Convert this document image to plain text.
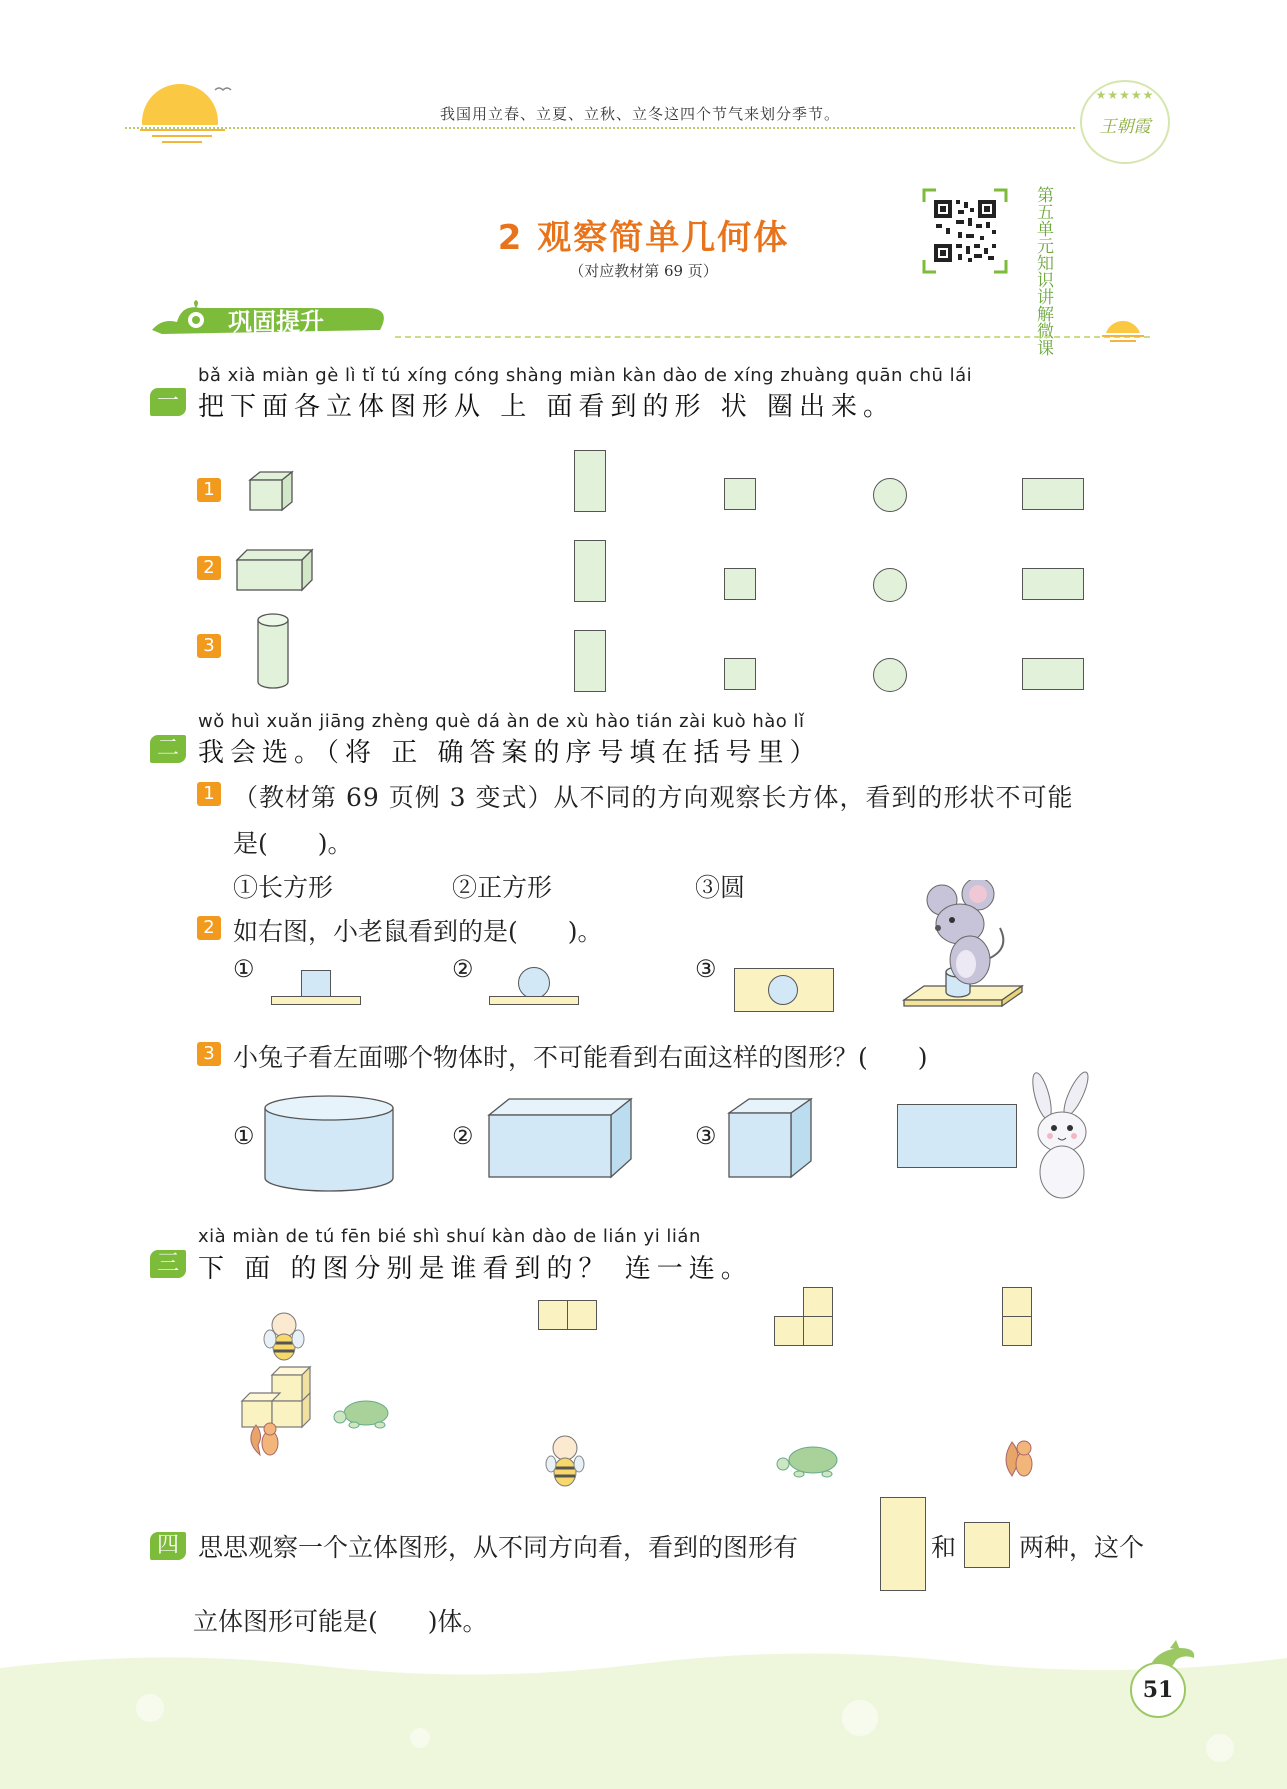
我国用立春、立夏、立秋、立冬这四个节气来划分季节。
★★★★★
王朝霞
2 观察简单几何体
（对应教材第 69 页）	第五单元知识讲解微课
巩固提升
bǎ xià miàn gè lì tǐ tú xíng cóng shàng miàn kàn dào de xíng zhuàng quān chū lái
一 把下面各立体图形从 上 面看到的形 状 圈出来。
1
2
3
wǒ huì xuǎn jiāng zhèng què dá àn de xù hào tián zài kuò hào lǐ
二 我会选。（将 正 确答案的序号填在括号里）
1 （教材第 69 页例 3 变式）从不同的方向观察长方体，看到的形状不可能
是(　　)。
①长方形	②正方形	③圆
2 如右图，小老鼠看到的是(　　)。
①	②	③
3 小兔子看左面哪个物体时，不可能看到右面这样的图形？(　　)
①	②	③
xià miàn de tú fēn bié shì shuí kàn dào de lián yi lián
三 下 面 的图分别是谁看到的？ 连一连。
四 思思观察一个立体图形，从不同方向看，看到的图形有	和	两种，这个
立体图形可能是(　　)体。
51
